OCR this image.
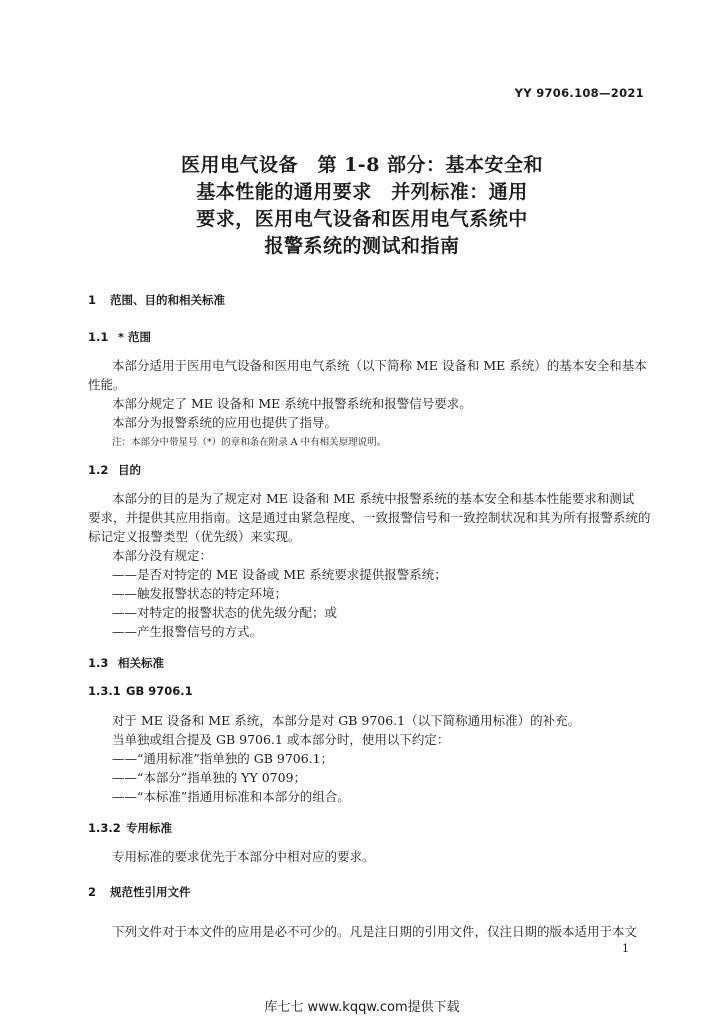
YY 9706.108—2021
医用电气设备　第 1-8 部分：基本安全和
基本性能的通用要求　并列标准：通用
要求，医用电气设备和医用电气系统中
报警系统的测试和指南
1 范围、目的和相关标准
1.1 * 范围
本部分适用于医用电气设备和医用电气系统（以下简称 ME 设备和 ME 系统）的基本安全和基本
性能。
本部分规定了 ME 设备和 ME 系统中报警系统和报警信号要求。
本部分为报警系统的应用也提供了指导。
注：本部分中带星号（*）的章和条在附录 A 中有相关原理说明。
1.2 目的
本部分的目的是为了规定对 ME 设备和 ME 系统中报警系统的基本安全和基本性能要求和测试
要求，并提供其应用指南。这是通过由紧急程度、一致报警信号和一致控制状况和其为所有报警系统的
标记定义报警类型（优先级）来实现。
本部分没有规定：
——是否对特定的 ME 设备或 ME 系统要求提供报警系统；
——触发报警状态的特定环境；
——对特定的报警状态的优先级分配；或
——产生报警信号的方式。
1.3 相关标准
1.3.1 GB 9706.1
对于 ME 设备和 ME 系统，本部分是对 GB 9706.1（以下简称通用标准）的补充。
当单独或组合提及 GB 9706.1 或本部分时，使用以下约定：
——“通用标准”指单独的 GB 9706.1；
——“本部分”指单独的 YY 0709；
——“本标准”指通用标准和本部分的组合。
1.3.2 专用标准
专用标准的要求优先于本部分中相对应的要求。
2 规范性引用文件
下列文件对于本文件的应用是必不可少的。凡是注日期的引用文件，仅注日期的版本适用于本文
1
库七七 www.kqqw.com提供下载
